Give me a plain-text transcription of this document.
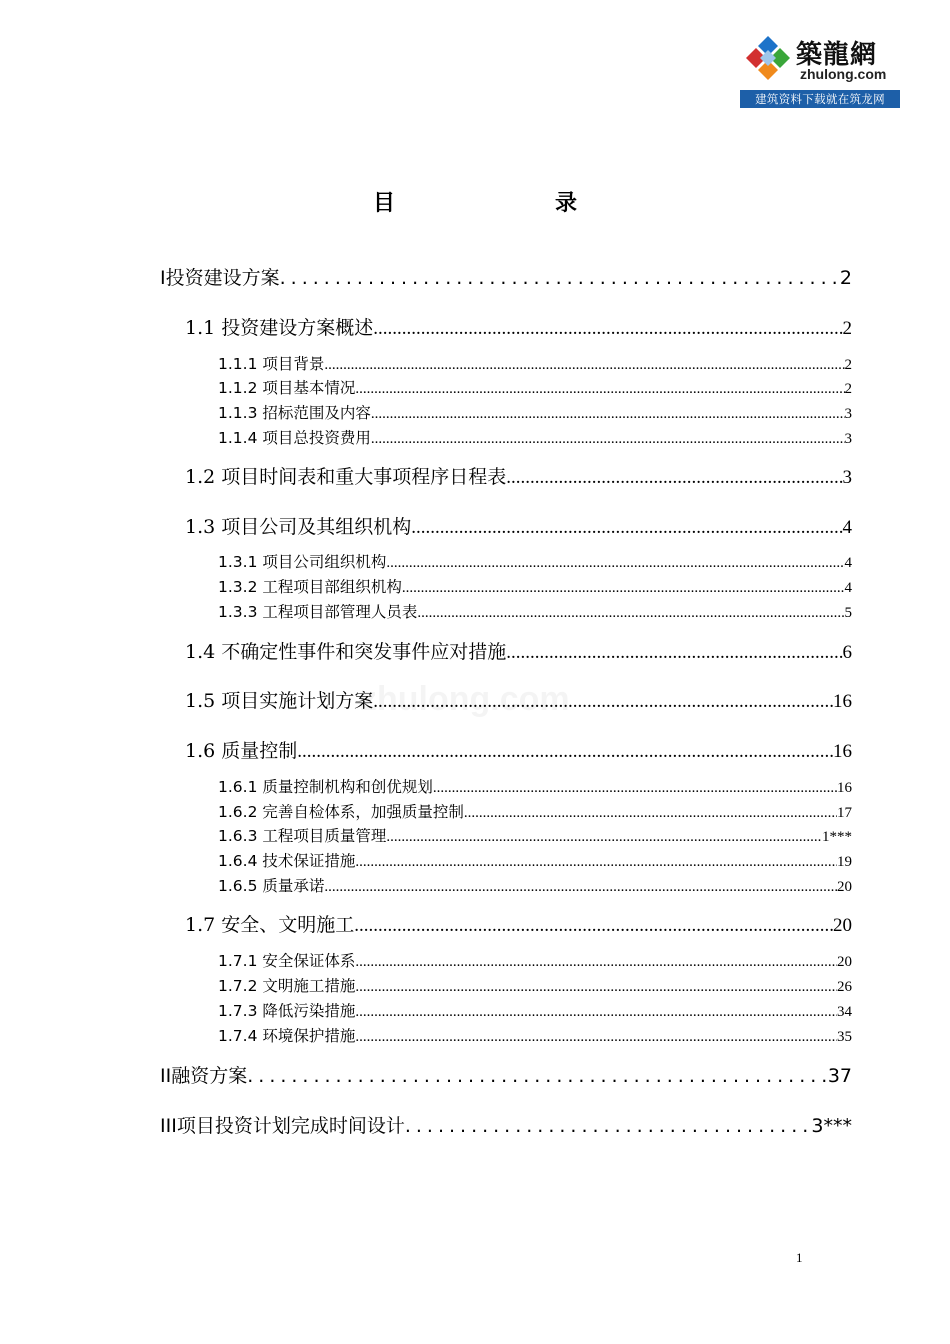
築龍網
zhulong.com
建筑资料下载就在筑龙网
目	录
I 投资建设方案 .....	2
1.1 投资建设方案概述 .....	2
1.1.1 项目背景 .....	2
1.1.2 项目基本情况 .....	2
1.1.3 招标范围及内容 .....	3
1.1.4 项目总投资费用 .....	3
1.2 项目时间表和重大事项程序日程表 .....	3
1.3 项目公司及其组织机构 .....	4
1.3.1 项目公司组织机构 .....	4
1.3.2 工程项目部组织机构 .....	4
1.3.3 工程项目部管理人员表 .....	5
1.4 不确定性事件和突发事件应对措施 .....	6
1.5 项目实施计划方案 .....	16
1.6 质量控制 .....	16
1.6.1 质量控制机构和创优规划 .....	16
1.6.2 完善自检体系，加强质量控制 .....	17
1.6.3 工程项目质量管理 .....	1***
1.6.4 技术保证措施 .....	19
1.6.5 质量承诺 .....	20
1.7 安全、文明施工 .....	20
1.7.1 安全保证体系 .....	20
1.7.2 文明施工措施 .....	26
1.7.3 降低污染措施 .....	34
1.7.4 环境保护措施 .....	35
II 融资方案 .....	37
III 项目投资计划完成时间设计 .....	3***
1
